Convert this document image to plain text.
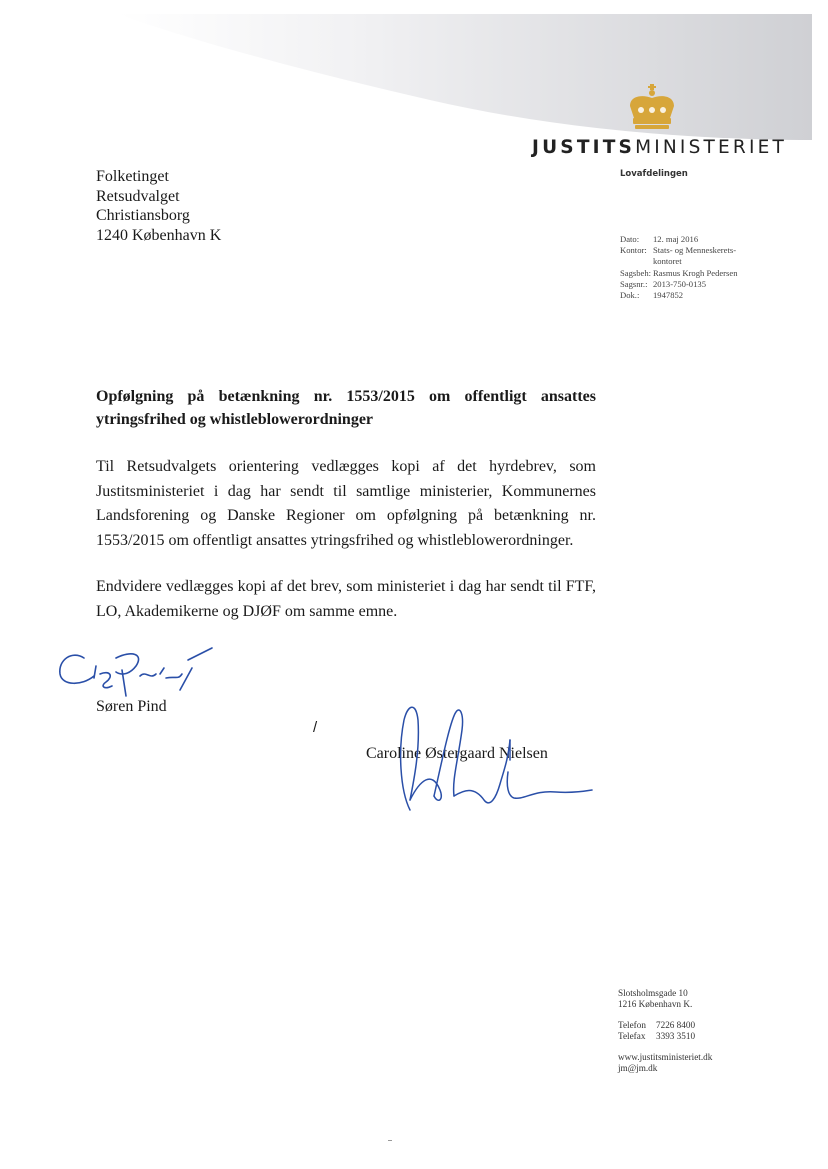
JUSTITSMINISTERIET
Lovafdelingen
Folketinget
Retsudvalget
Christiansborg
1240 København K	Dato:	12. maj 2016
Kontor: Stats- og Menneskerets-kontoret
Sagsbeh: Rasmus Krogh Pedersen
Sagsnr.: 2013-750-0135
Dok.:	1947852
Opfølgning på betænkning nr. 1553/2015 om offentligt ansattes ytringsfrihed og whistleblowerordninger
Til Retsudvalgets orientering vedlægges kopi af det hyrdebrev, som Justitsministeriet i dag har sendt til samtlige ministerier, Kommunernes Landsforening og Danske Regioner om opfølgning på betænkning nr. 1553/2015 om offentligt ansattes ytringsfrihed og whistleblowerordninger.
Endvidere vedlægges kopi af det brev, som ministeriet i dag har sendt til FTF, LO, Akademikerne og DJØF om samme emne.
Søren Pind
/
Caroline Østergaard Nielsen
Slotsholmsgade 10
1216 København K.
Telefon 7226 8400
Telefax 3393 3510
www.justitsministeriet.dk
jm@jm.dk
